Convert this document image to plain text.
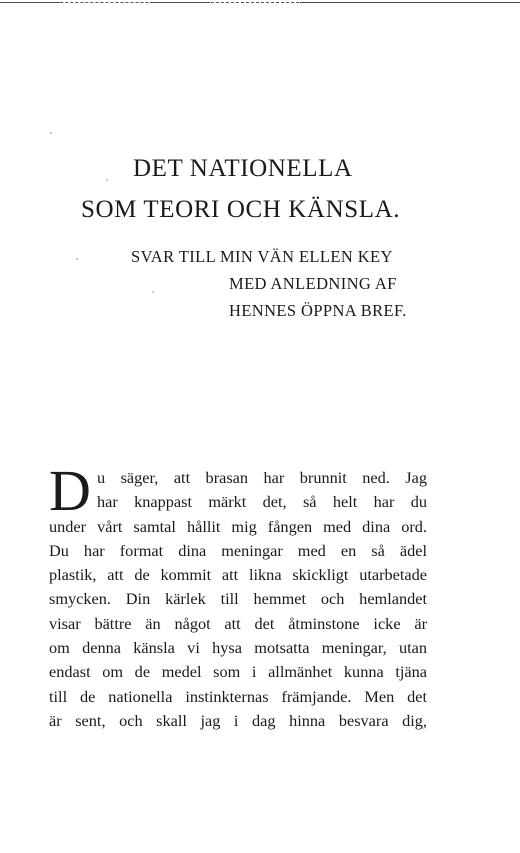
DET NATIONELLA
SOM TEORI OCH KÄNSLA.
SVAR TILL MIN VÄN ELLEN KEY
MED ANLEDNING AF
HENNES ÖPPNA BREF.
D u säger, att brasan har brunnit ned. Jag
har knappast märkt det, så helt har du
under vårt samtal hållit mig fången med dina ord.
Du har format dina meningar med en så ädel
plastik, att de kommit att likna skickligt utarbetade
smycken. Din kärlek till hemmet och hemlandet
visar bättre än något att det åtminstone icke är
om denna känsla vi hysa motsatta meningar, utan
endast om de medel som i allmänhet kunna tjäna
till de nationella instinkternas främjande. Men det
är sent, och skall jag i dag hinna besvara dig,
